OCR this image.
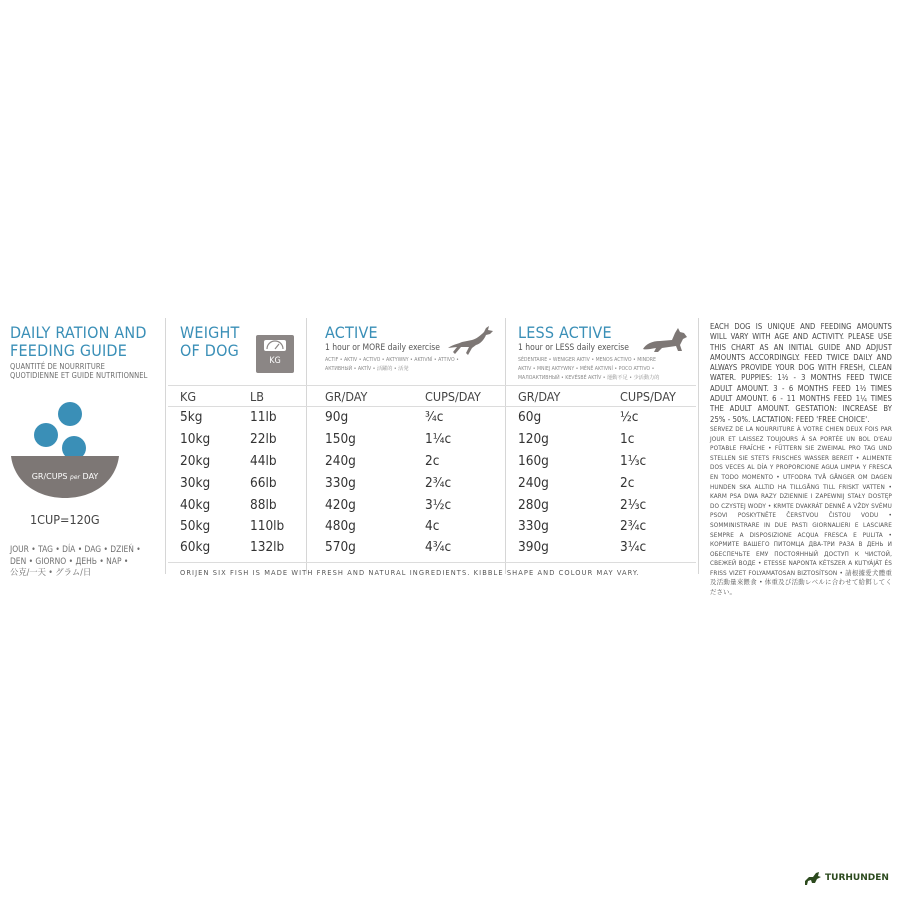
DAILY RATION AND
FEEDING GUIDE
QUANTITÉ DE NOURRITURE
QUOTIDIENNE ET GUIDE NUTRITIONNEL
GR/CUPS per DAY
1CUP=120G
JOUR • TAG • DÍA • DAG • DZIEŃ •
DEN • GIORNO • ДЕНЬ • NAP •
公克/一天 • グラム/日
WEIGHT
OF DOG
KG
ACTIVE
1 hour or MORE daily exercise
ACTIF • AKTIV • ACTIVO • AKTYWNY • AKTIVNÍ • ATTIVO •
АКТИВНЫЙ • AKTÍV • 活躍的 • 活発
LESS ACTIVE
1 hour or LESS daily exercise
SÉDENTAIRE • WENIGER AKTIV • MENOS ACTIVO • MINDRE
AKTIV • MNIEJ AKTYWNY • MÉNĚ AKTIVNÍ • POCO ATTIVO •
МАЛОАКТИВНЫЙ • KEVÉSBÉ AKTÍV • 運動不足 • 少活動力的
KG	LB	GR/DAY	CUPS/DAY	GR/DAY	CUPS/DAY
5kg	11lb	90g	¾c	60g	½c
10kg	22lb	150g	1¼c	120g	1c
20kg	44lb	240g	2c	160g	1⅓c
30kg	66lb	330g	2¾c	240g	2c
40kg	88lb	420g	3½c	280g	2⅓c
50kg	110lb	480g	4c	330g	2¾c
60kg	132lb	570g	4¾c	390g	3¼c
ORIJEN SIX FISH IS MADE WITH FRESH AND NATURAL INGREDIENTS. KIBBLE SHAPE AND COLOUR MAY VARY.

EACH DOG IS UNIQUE AND FEEDING AMOUNTS WILL VARY WITH AGE AND ACTIVITY. PLEASE USE THIS CHART AS AN INITIAL GUIDE AND ADJUST AMOUNTS ACCORDINGLY. FEED TWICE DAILY AND ALWAYS PROVIDE YOUR DOG WITH FRESH, CLEAN WATER. PUPPIES: 1½ - 3 MONTHS FEED TWICE ADULT AMOUNT. 3 - 6 MONTHS FEED 1½ TIMES ADULT AMOUNT. 6 - 11 MONTHS FEED 1¼ TIMES THE ADULT AMOUNT. GESTATION: INCREASE BY 25% - 50%. LACTATION: FEED 'FREE CHOICE'.

SERVEZ DE LA NOURRITURE À VOTRE CHIEN DEUX FOIS PAR JOUR ET LAISSEZ TOUJOURS À SA PORTÉE UN BOL D'EAU POTABLE FRAÎCHE • FÜTTERN SIE ZWEIMAL PRO TAG UND STELLEN SIE STETS FRISCHES WASSER BEREIT • ALIMENTE DOS VECES AL DÍA Y PROPORCIONE AGUA LIMPIA Y FRESCA EN TODO MOMENTO • UTFODRA TVÅ GÅNGER OM DAGEN HUNDEN SKA ALLTID HA TILLGÅNG TILL FRISKT VATTEN • KARM PSA DWA RAZY DZIENNIE I ZAPEWNIJ STAŁY DOSTĘP DO CZYSTEJ WODY • KRMTE DVAKRÁT DENNĚ A VŽDY SVÉMU PSOVI POSKYTNĚTE ČERSTVOU ČISTOU VODU • SOMMINISTRARE IN DUE PASTI GIORNALIERI E LASCIARE SEMPRE A DISPOSIZIONE ACQUA FRESCA E PULITA • КОРМИТЕ ВАШЕГО ПИТОМЦА ДВА-ТРИ РАЗА В ДЕНЬ И ОБЕСПЕЧЬТЕ ЕМУ ПОСТОЯННЫЙ ДОСТУП К ЧИСТОЙ, СВЕЖЕЙ ВОДЕ • ETESSE NAPONTA KÉTSZER A KUTYÁJÁT ÉS FRISS VIZET FOLYAMATOSAN BIZTOSÍTSON • 請根據愛犬體重及活動量來餵食 • 体重及び活動レベルに合わせて給餌してください。

TURHUNDEN
